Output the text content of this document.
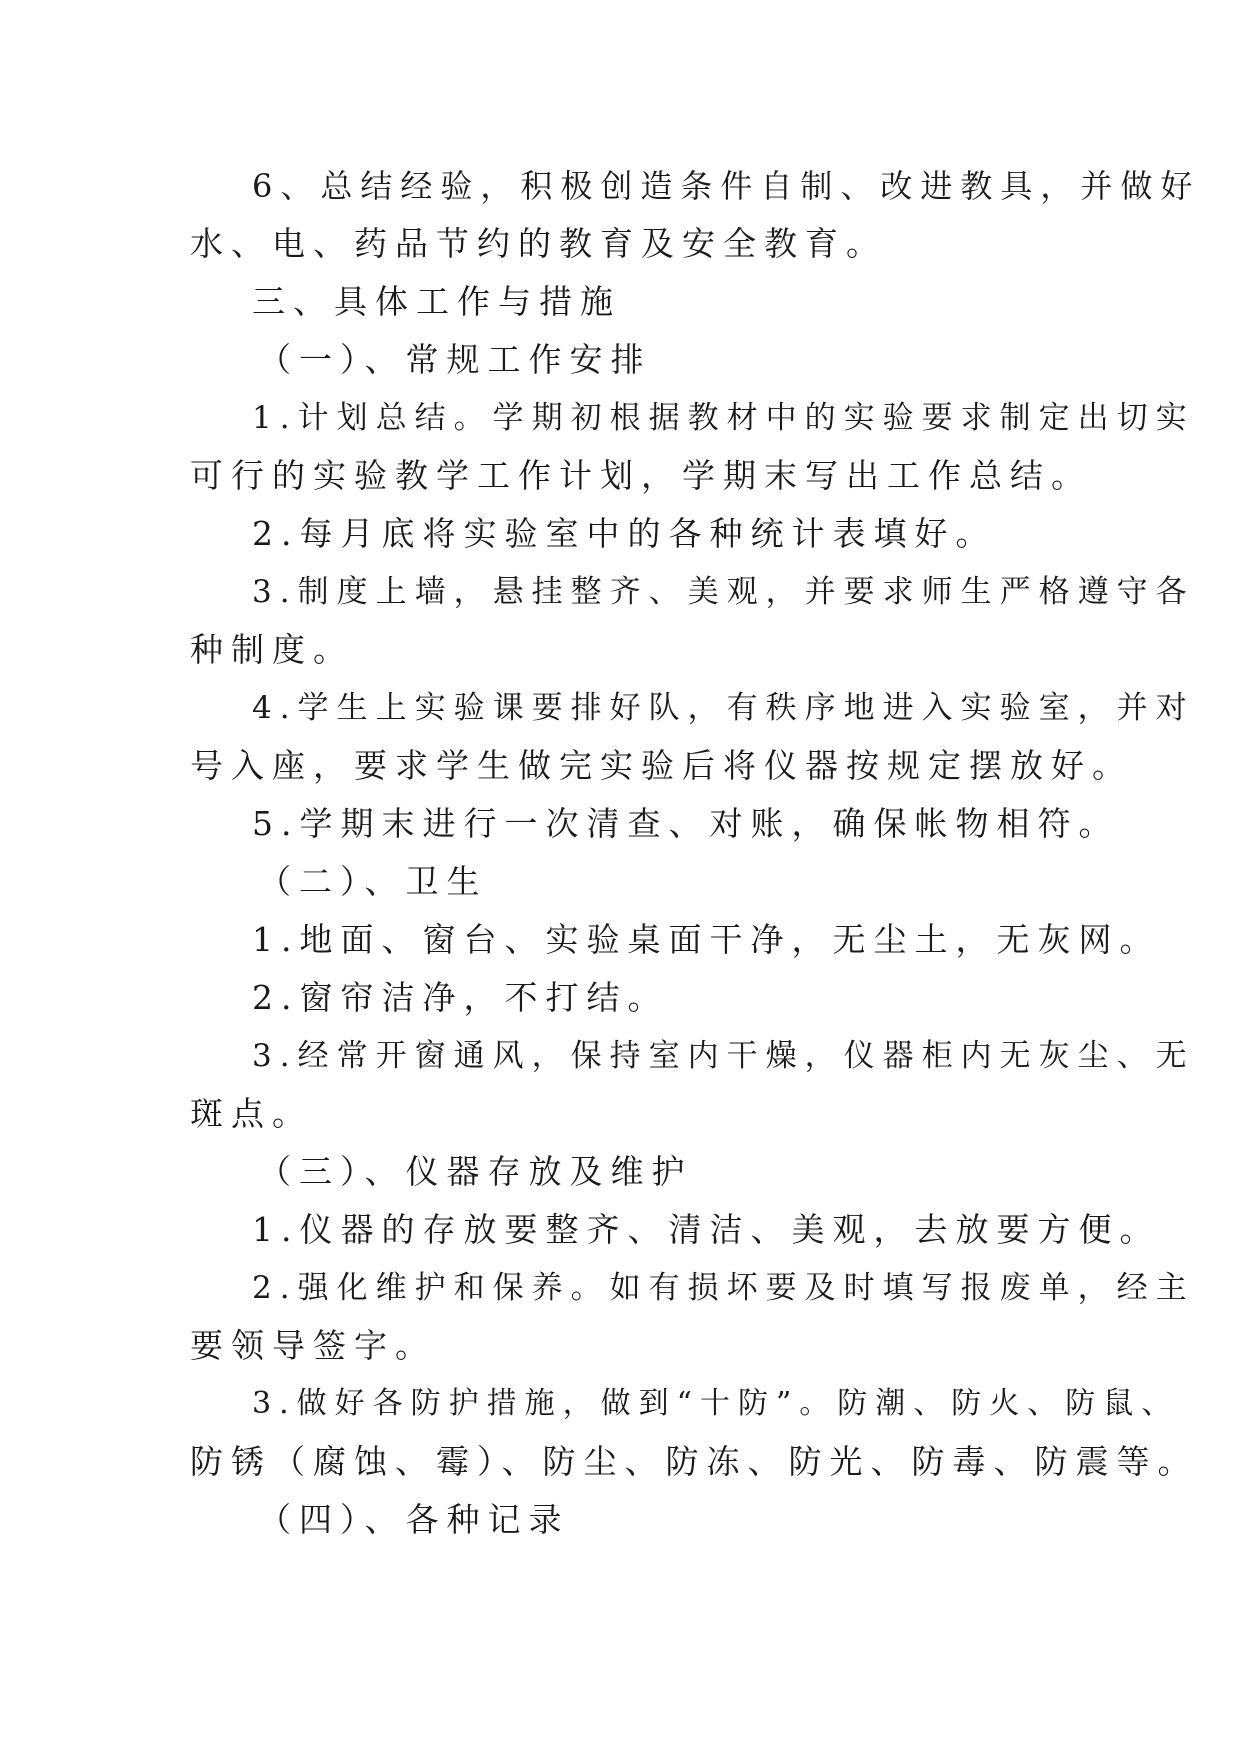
6、总结经验，积极创造条件自制、改进教具，并做好
水、电、药品节约的教育及安全教育。
三、具体工作与措施
（一）、常规工作安排
1.计划总结。学期初根据教材中的实验要求制定出切实
可行的实验教学工作计划，学期末写出工作总结。
2.每月底将实验室中的各种统计表填好。
3.制度上墙，悬挂整齐、美观，并要求师生严格遵守各
种制度。
4.学生上实验课要排好队，有秩序地进入实验室，并对
号入座，要求学生做完实验后将仪器按规定摆放好。
5.学期末进行一次清查、对账，确保帐物相符。
（二）、卫生
1.地面、窗台、实验桌面干净，无尘土，无灰网。
2.窗帘洁净，不打结。
3.经常开窗通风，保持室内干燥，仪器柜内无灰尘、无
斑点。
（三）、仪器存放及维护
1.仪器的存放要整齐、清洁、美观，去放要方便。
2.强化维护和保养。如有损坏要及时填写报废单，经主
要领导签字。
3.做好各防护措施，做到“十防”。防潮、防火、防鼠、
防锈（腐蚀、霉）、防尘、防冻、防光、防毒、防震等。
（四）、各种记录
